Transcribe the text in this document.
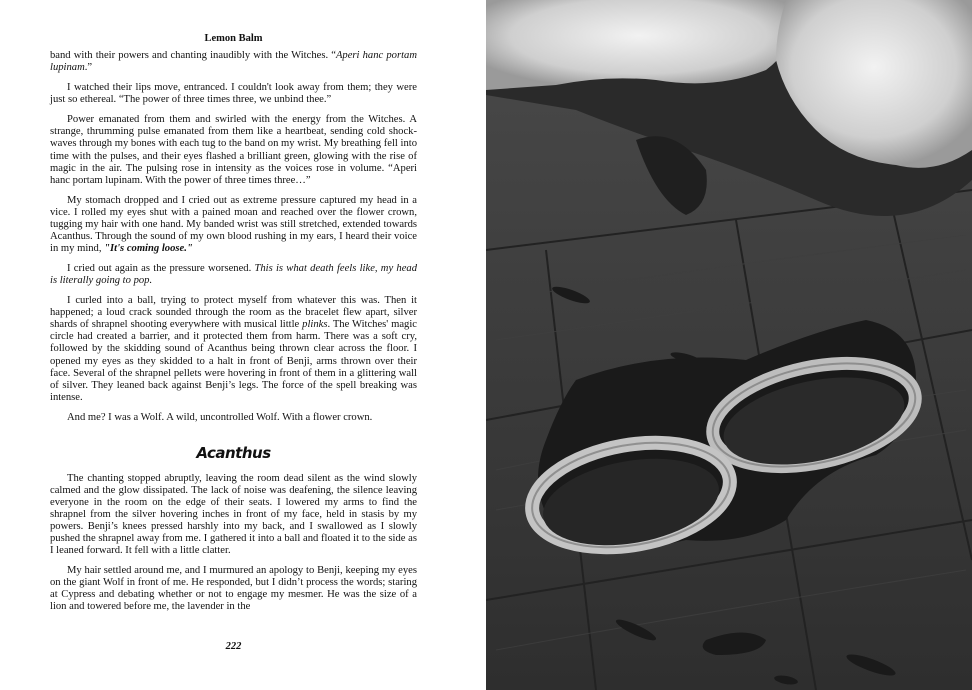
Lemon Balm

band with their powers and chanting inaudibly with the Witches. “Aperi hanc portam lupinam.”

I watched their lips move, entranced. I couldn't look away from them; they were just so ethereal. “The power of three times three, we unbind thee.”

Power emanated from them and swirled with the energy from the Witches. A strange, thrumming pulse emanated from them like a heartbeat, sending cold shock-waves through my bones with each tug to the band on my wrist. My breathing fell into time with the pulses, and their eyes flashed a brilliant green, glowing with the rise of magic in the air. The pulsing rose in intensity as the voices rose in volume. “Aperi hanc portam lupinam. With the power of three times three…”

My stomach dropped and I cried out as extreme pressure captured my head in a vice. I rolled my eyes shut with a pained moan and reached over the flower crown, tugging my hair with one hand. My banded wrist was still stretched, extended towards Acanthus. Through the sound of my own blood rushing in my ears, I heard their voice in my mind, "It's coming loose."

I cried out again as the pressure worsened. This is what death feels like, my head is literally going to pop.

I curled into a ball, trying to protect myself from whatever this was. Then it happened; a loud crack sounded through the room as the bracelet flew apart, silver shards of shrapnel shooting everywhere with musical little plinks. The Witches' magic circle had created a barrier, and it protected them from harm. There was a soft cry, followed by the skidding sound of Acanthus being thrown clear across the floor. I opened my eyes as they skidded to a halt in front of Benji, arms thrown over their face. Several of the shrapnel pellets were hovering in front of them in a glittering wall of silver. They leaned back against Benji’s legs. The force of the spell breaking was intense.

And me? I was a Wolf. A wild, uncontrolled Wolf. With a flower crown.

Acanthus

The chanting stopped abruptly, leaving the room dead silent as the wind slowly calmed and the glow dissipated. The lack of noise was deafening, the silence leaving everyone in the room on the edge of their seats. I lowered my arms to find the shrapnel from the silver hovering inches in front of my face, held in stasis by my powers. Benji’s knees pressed harshly into my back, and I swallowed as I slowly pushed the shrapnel away from me. I gathered it into a ball and floated it to the side as I leaned forward. It fell with a little clatter.

My hair settled around me, and I murmured an apology to Benji, keeping my eyes on the giant Wolf in front of me. He responded, but I didn’t process the words; staring at Cypress and debating whether or not to engage my mesmer. He was the size of a lion and towered before me, the lavender in the

222
